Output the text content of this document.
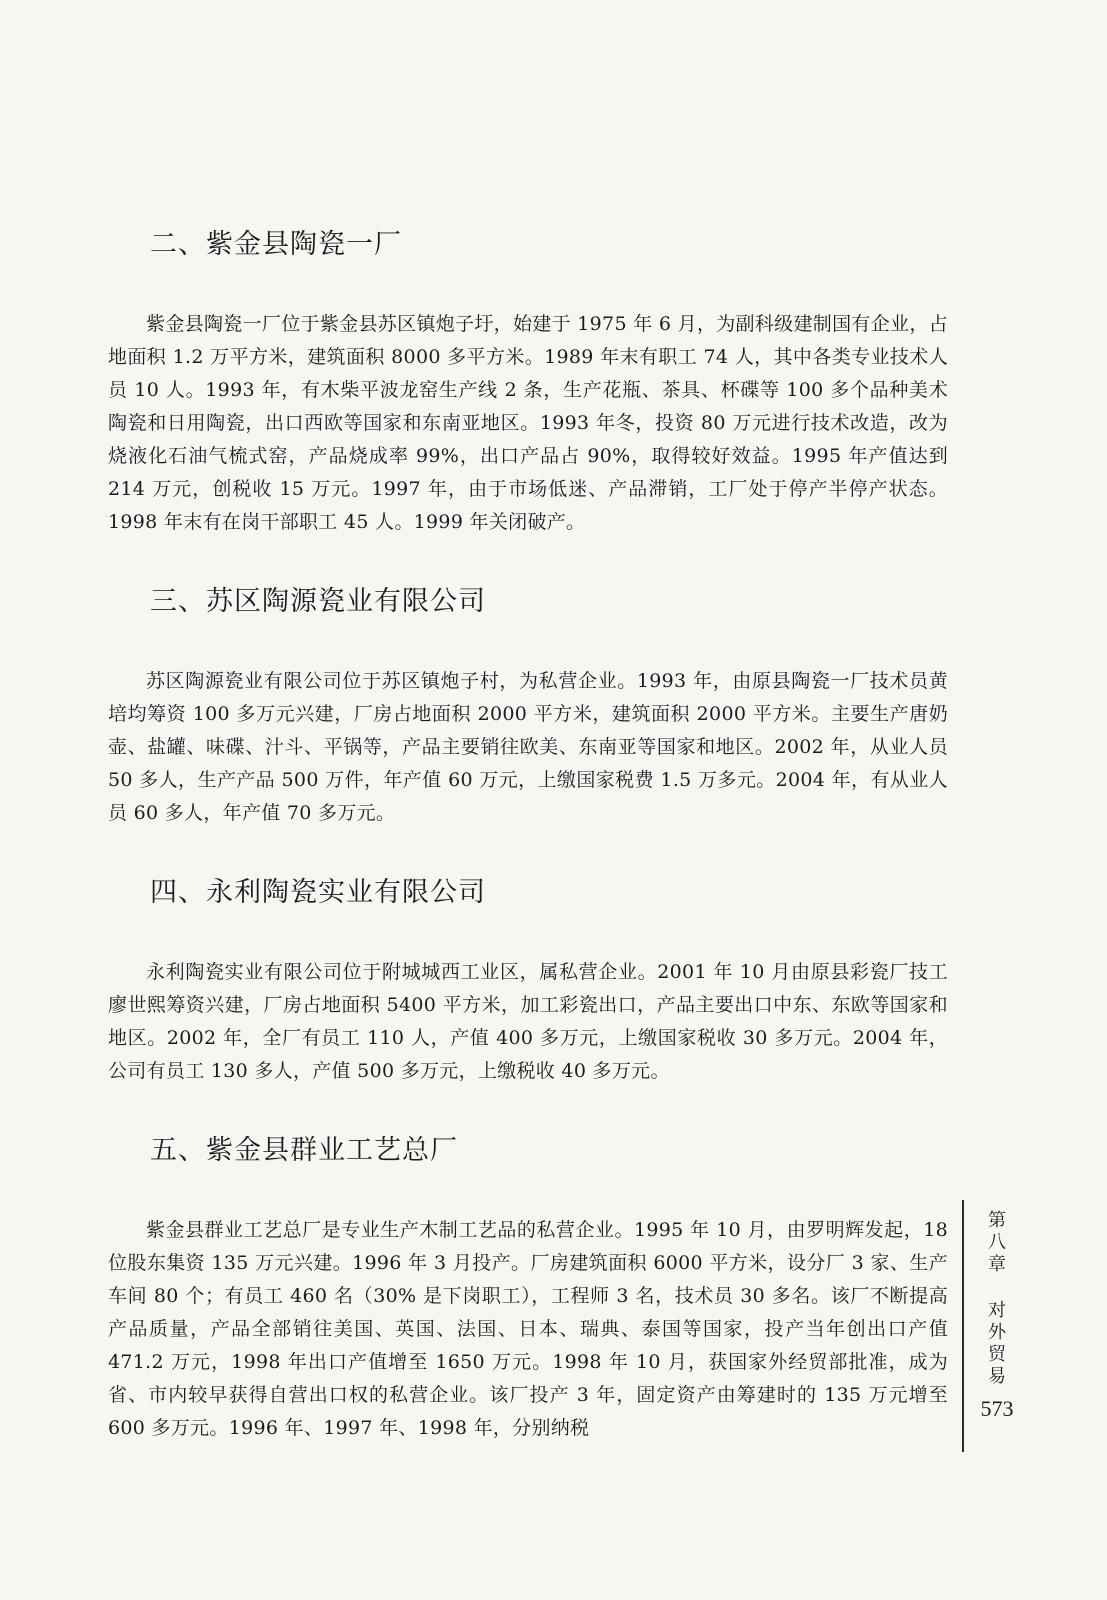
二、紫金县陶瓷一厂

紫金县陶瓷一厂位于紫金县苏区镇炮子圩，始建于 1975 年 6 月，为副科级建制国有企业，占地面积 1.2 万平方米，建筑面积 8000 多平方米。1989 年末有职工 74 人，其中各类专业技术人员 10 人。1993 年，有木柴平波龙窑生产线 2 条，生产花瓶、茶具、杯碟等 100 多个品种美术陶瓷和日用陶瓷，出口西欧等国家和东南亚地区。1993 年冬，投资 80 万元进行技术改造，改为烧液化石油气梳式窑，产品烧成率 99%，出口产品占 90%，取得较好效益。1995 年产值达到 214 万元，创税收 15 万元。1997 年，由于市场低迷、产品滞销，工厂处于停产半停产状态。1998 年末有在岗干部职工 45 人。1999 年关闭破产。

三、苏区陶源瓷业有限公司

苏区陶源瓷业有限公司位于苏区镇炮子村，为私营企业。1993 年，由原县陶瓷一厂技术员黄培均筹资 100 多万元兴建，厂房占地面积 2000 平方米，建筑面积 2000 平方米。主要生产唐奶壶、盐罐、味碟、汁斗、平锅等，产品主要销往欧美、东南亚等国家和地区。2002 年，从业人员 50 多人，生产产品 500 万件，年产值 60 万元，上缴国家税费 1.5 万多元。2004 年，有从业人员 60 多人，年产值 70 多万元。

四、永利陶瓷实业有限公司

永利陶瓷实业有限公司位于附城城西工业区，属私营企业。2001 年 10 月由原县彩瓷厂技工廖世熙筹资兴建，厂房占地面积 5400 平方米，加工彩瓷出口，产品主要出口中东、东欧等国家和地区。2002 年，全厂有员工 110 人，产值 400 多万元，上缴国家税收 30 多万元。2004 年，公司有员工 130 多人，产值 500 多万元，上缴税收 40 多万元。

五、紫金县群业工艺总厂

紫金县群业工艺总厂是专业生产木制工艺品的私营企业。1995 年 10 月，由罗明辉发起，18 位股东集资 135 万元兴建。1996 年 3 月投产。厂房建筑面积 6000 平方米，设分厂 3 家、生产车间 80 个；有员工 460 名（30% 是下岗职工），工程师 3 名，技术员 30 多名。该厂不断提高产品质量，产品全部销往美国、英国、法国、日本、瑞典、泰国等国家，投产当年创出口产值 471.2 万元，1998 年出口产值增至 1650 万元。1998 年 10 月，获国家外经贸部批准，成为省、市内较早获得自营出口权的私营企业。该厂投产 3 年，固定资产由筹建时的 135 万元增至 600 多万元。1996 年、1997 年、1998 年，分别纳税

第八章
对外贸易
573
